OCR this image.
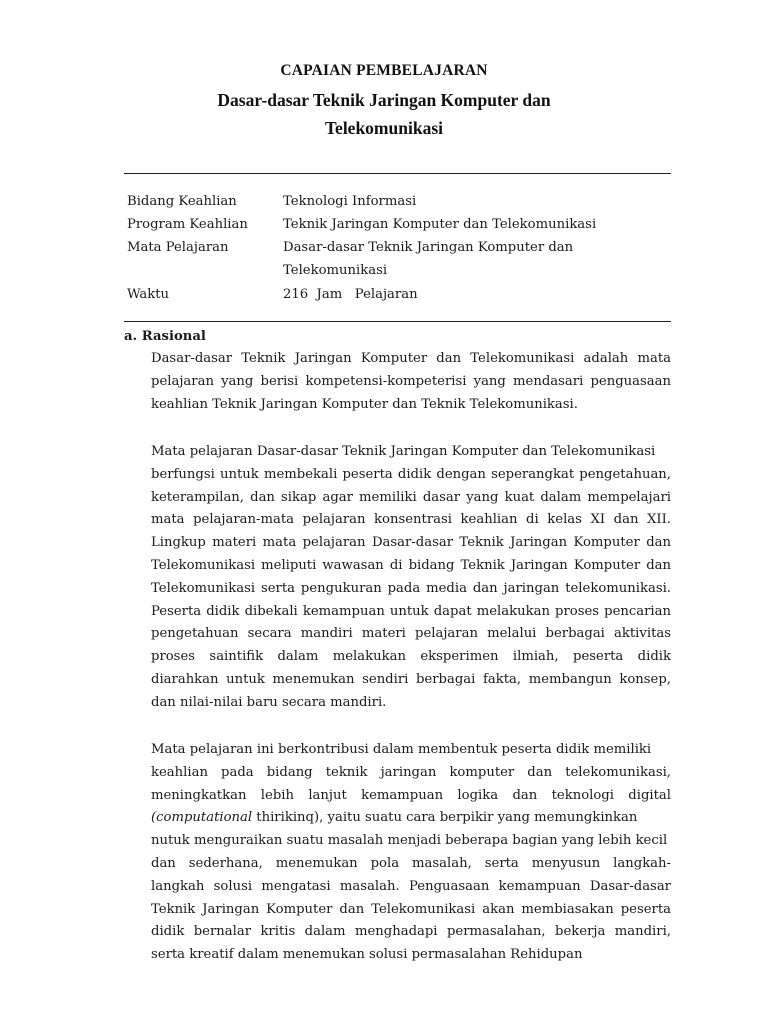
CAPAIAN PEMBELAJARAN
Dasar-dasar Teknik Jaringan Komputer dan
Telekomunikasi
Bidang Keahlian	Teknologi Informasi
Program Keahlian	Teknik Jaringan Komputer dan Telekomunikasi
Mata Pelajaran	Dasar-dasar Teknik Jaringan Komputer dan
Telekomunikasi
Waktu	216  Jam   Pelajaran
a. Rasional
Dasar-dasar Teknik Jaringan Komputer dan Telekomunikasi adalah mata
pelajaran yang berisi kompetensi-kompeterisi yang mendasari penguasaan
keahlian Teknik Jaringan Komputer dan Teknik Telekomunikasi.
Mata pelajaran Dasar-dasar Teknik Jaringan Komputer dan Telekomunikasi
berfungsi untuk membekali peserta didik dengan seperangkat pengetahuan,
keterampilan, dan sikap agar memiliki dasar yang kuat dalam mempelajari
mata pelajaran-mata pelajaran konsentrasi keahlian di kelas XI dan XII.
Lingkup materi mata pelajaran Dasar-dasar Teknik Jaringan Komputer dan
Telekomunikasi meliputi wawasan di bidang Teknik Jaringan Komputer dan
Telekomunikasi serta pengukuran pada media dan jaringan telekomunikasi.
Peserta didik dibekali kemampuan untuk dapat melakukan proses pencarian
pengetahuan secara mandiri materi pelajaran melalui berbagai aktivitas
proses saintifik dalam melakukan eksperimen ilmiah, peserta didik
diarahkan untuk menemukan sendiri berbagai fakta, membangun konsep,
dan nilai-nilai baru secara mandiri.
Mata pelajaran ini berkontribusi dalam membentuk peserta didik memiliki
keahlian pada bidang teknik jaringan komputer dan telekomunikasi,
meningkatkan lebih lanjut kemampuan logika dan teknologi digital
(computational thirikinq), yaitu suatu cara berpikir yang memungkinkan
nutuk menguraikan suatu masalah menjadi beberapa bagian yang lebih kecil
dan sederhana, menemukan pola masalah, serta menyusun langkah-
langkah solusi mengatasi masalah. Penguasaan kemampuan Dasar-dasar
Teknik Jaringan Komputer dan Telekomunikasi akan membiasakan peserta
didik bernalar kritis dalam menghadapi permasalahan, bekerja mandiri,
serta kreatif dalam menemukan solusi permasalahan Rehidupan
